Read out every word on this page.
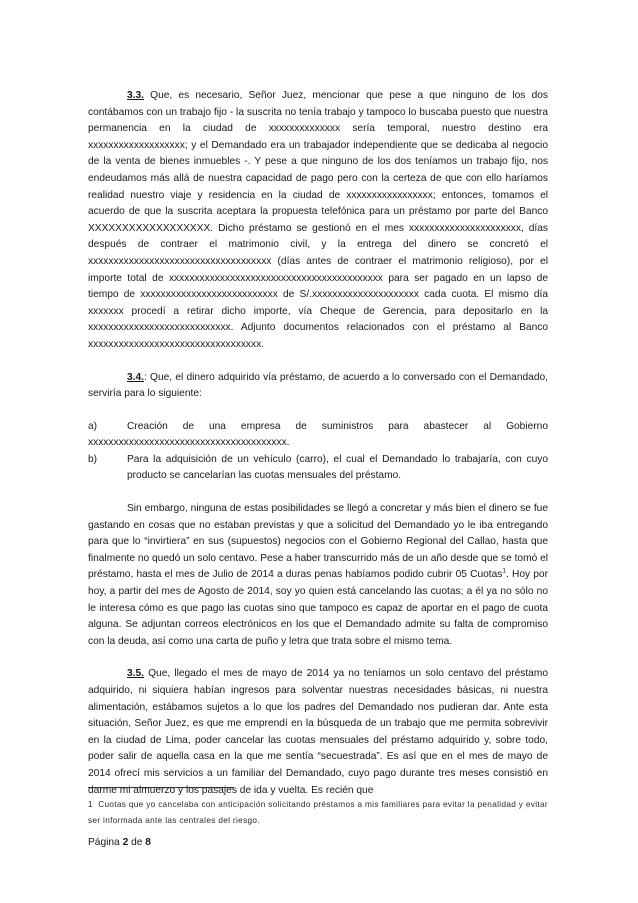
3.3. Que, es necesario, Señor Juez, mencionar que pese a que ninguno de los dos contábamos con un trabajo fijo - la suscrita no tenía trabajo y tampoco lo buscaba puesto que nuestra permanencia en la ciudad de xxxxxxxxxxxxxx sería temporal, nuestro destino era xxxxxxxxxxxxxxxxxxx; y el Demandado era un trabajador independiente que se dedicaba al negocio de la venta de bienes inmuebles -. Y pese a que ninguno de los dos teníamos un trabajo fijo, nos endeudamos más allá de nuestra capacidad de pago pero con la certeza de que con ello haríamos realidad nuestro viaje y residencia en la ciudad de xxxxxxxxxxxxxxxxx; entonces, tomamos el acuerdo de que la suscrita aceptara la propuesta telefónica para un préstamo por parte del Banco XXXXXXXXXXXXXXXXXX. Dicho préstamo se gestionó en el mes xxxxxxxxxxxxxxxxxxxxxx, días después de contraer el matrimonio civil, y la entrega del dinero se concretó el xxxxxxxxxxxxxxxxxxxxxxxxxxxxxxxxxxxx (días antes de contraer el matrimonio religioso), por el importe total de xxxxxxxxxxxxxxxxxxxxxxxxxxxxxxxxxxxxxxxxxx para ser pagado en un lapso de tiempo de xxxxxxxxxxxxxxxxxxxxxxxxxxx de S/.xxxxxxxxxxxxxxxxxxxxx cada cuota. El mismo día xxxxxxx procedí a retirar dicho importe, vía Cheque de Gerencia, para depositarlo en la xxxxxxxxxxxxxxxxxxxxxxxxxxxx. Adjunto documentos relacionados con el préstamo al Banco xxxxxxxxxxxxxxxxxxxxxxxxxxxxxxxxxx.

3.4.: Que, el dinero adquirido vía préstamo, de acuerdo a lo conversado con el Demandado, serviría para lo siguiente:

a)	Creación de una empresa de suministros para abastecer al Gobierno
xxxxxxxxxxxxxxxxxxxxxxxxxxxxxxxxxxxxxxx.
b)	Para la adquisición de un vehículo (carro), el cual el Demandado lo trabajaría, con cuyo producto se cancelarían las cuotas mensuales del préstamo.

Sin embargo, ninguna de estas posibilidades se llegó a concretar y más bien el dinero se fue gastando en cosas que no estaban previstas y que a solicitud del Demandado yo le iba entregando para que lo “invirtiera” en sus (supuestos) negocios con el Gobierno Regional del Callao, hasta que finalmente no quedó un solo centavo. Pese a haber transcurrido más de un año desde que se tomó el préstamo, hasta el mes de Julio de 2014 a duras penas habíamos podido cubrir 05 Cuotas$^1$. Hoy por hoy, a partir del mes de Agosto de 2014, soy yo quien está cancelando las cuotas; a él ya no sólo no le interesa cómo es que pago las cuotas sino que tampoco es capaz de aportar en el pago de cuota alguna. Se adjuntan correos electrónicos en los que el Demandado admite su falta de compromiso con la deuda, así como una carta de puño y letra que trata sobre el mismo tema.

3.5. Que, llegado el mes de mayo de 2014 ya no teníamos un solo centavo del préstamo adquirido, ni siquiera habían ingresos para solventar nuestras necesidades básicas, ni nuestra alimentación, estábamos sujetos a lo que los padres del Demandado nos pudieran dar. Ante esta situación, Señor Juez, es que me emprendí en la búsqueda de un trabajo que me permita sobrevivir en la ciudad de Lima, poder cancelar las cuotas mensuales del préstamo adquirido y, sobre todo, poder salir de aquella casa en la que me sentía “secuestrada”. Es así que en el mes de mayo de 2014 ofrecí mis servicios a un familiar del Demandado, cuyo pago durante tres meses consistió en darme mi almuerzo y los pasajes de ida y vuelta. Es recién que

1 Cuotas que yo cancelaba con anticipación solicitando préstamos a mis familiares para evitar la penalidad y evitar ser informada ante las centrales del riesgo.
Página 2 de 8
